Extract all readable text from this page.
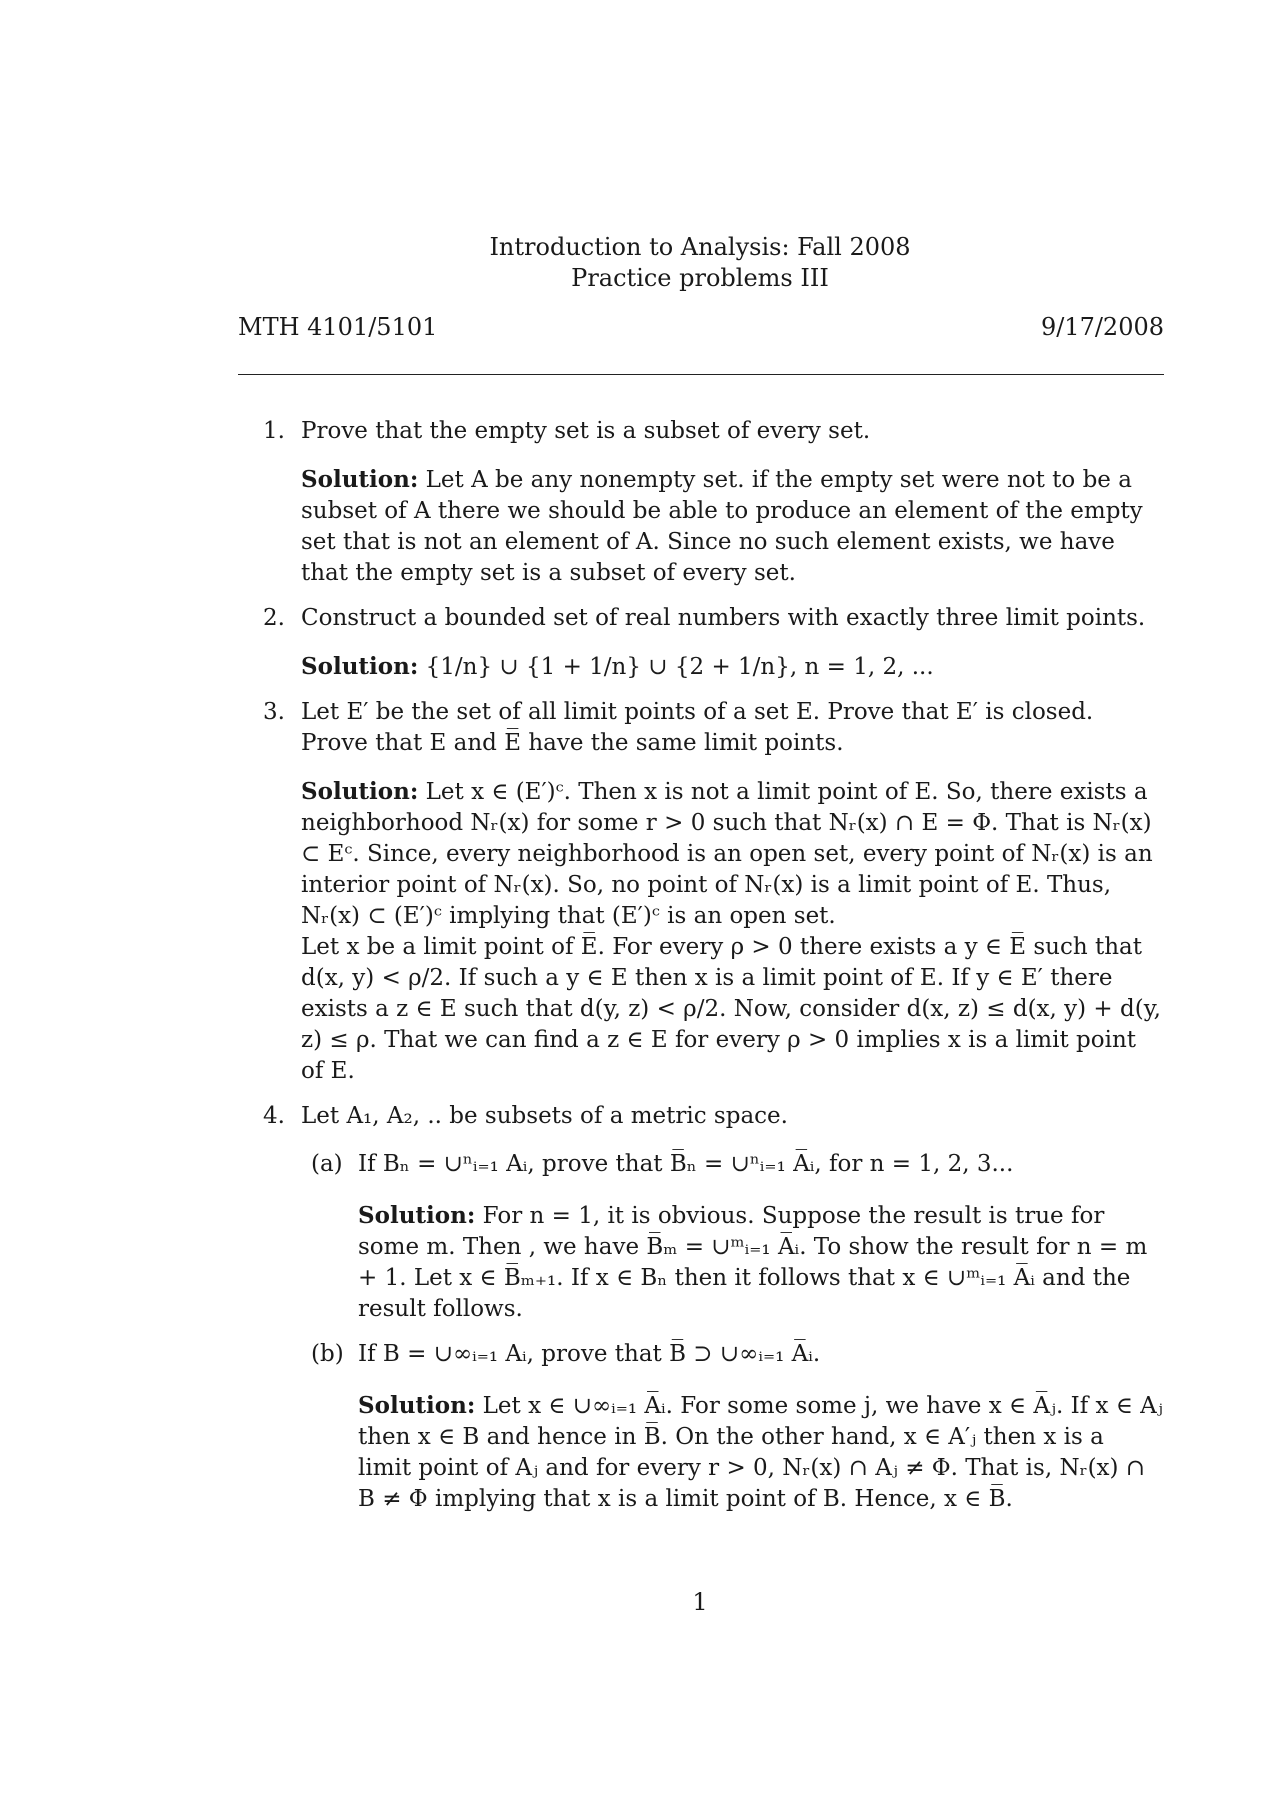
Introduction to Analysis: Fall 2008
Practice problems III
MTH 4101/5101	9/17/2008
1. Prove that the empty set is a subset of every set.

Solution: Let A be any nonempty set. if the empty set were not to be a subset of A there we should be able to produce an element of the empty set that is not an element of A. Since no such element exists, we have that the empty set is a subset of every set.

2. Construct a bounded set of real numbers with exactly three limit points.

Solution: {1/n} ∪ {1 + 1/n} ∪ {2 + 1/n}, n = 1, 2, ...

3. Let E′ be the set of all limit points of a set E. Prove that E′ is closed. Prove that E and E̅ have the same limit points.

Solution: Let x ∈ (E′)ᶜ. Then x is not a limit point of E. So, there exists a neighborhood Nᵣ(x) for some r > 0 such that Nᵣ(x) ∩ E = Φ. That is Nᵣ(x) ⊂ Eᶜ. Since, every neighborhood is an open set, every point of Nᵣ(x) is an interior point of Nᵣ(x). So, no point of Nᵣ(x) is a limit point of E. Thus, Nᵣ(x) ⊂ (E′)ᶜ implying that (E′)ᶜ is an open set.

Let x be a limit point of E̅. For every ρ > 0 there exists a y ∈ E̅ such that d(x, y) < ρ/2. If such a y ∈ E then x is a limit point of E. If y ∈ E′ there exists a z ∈ E such that d(y, z) < ρ/2. Now, consider d(x, z) ≤ d(x, y) + d(y, z) ≤ ρ. That we can find a z ∈ E for every ρ > 0 implies x is a limit point of E.

4. Let A₁, A₂, .. be subsets of a metric space.

(a) If Bₙ = ∪ⁿᵢ₌₁ Aᵢ, prove that B̅ₙ = ∪ⁿᵢ₌₁ A̅ᵢ, for n = 1, 2, 3...

Solution: For n = 1, it is obvious. Suppose the result is true for some m. Then , we have B̅ₘ = ∪ᵐᵢ₌₁ A̅ᵢ. To show the result for n = m + 1. Let x ∈ B̅ₘ₊₁. If x ∈ Bₙ then it follows that x ∈ ∪ᵐᵢ₌₁ A̅ᵢ and the result follows.

(b) If B = ∪∞ᵢ₌₁ Aᵢ, prove that B̅ ⊃ ∪∞ᵢ₌₁ A̅ᵢ.

Solution: Let x ∈ ∪∞ᵢ₌₁ A̅ᵢ. For some some j, we have x ∈ A̅ⱼ. If x ∈ Aⱼ then x ∈ B and hence in B̅. On the other hand, x ∈ A′ⱼ then x is a limit point of Aⱼ and for every r > 0, Nᵣ(x) ∩ Aⱼ ≠ Φ. That is, Nᵣ(x) ∩ B ≠ Φ implying that x is a limit point of B. Hence, x ∈ B̅.

1
